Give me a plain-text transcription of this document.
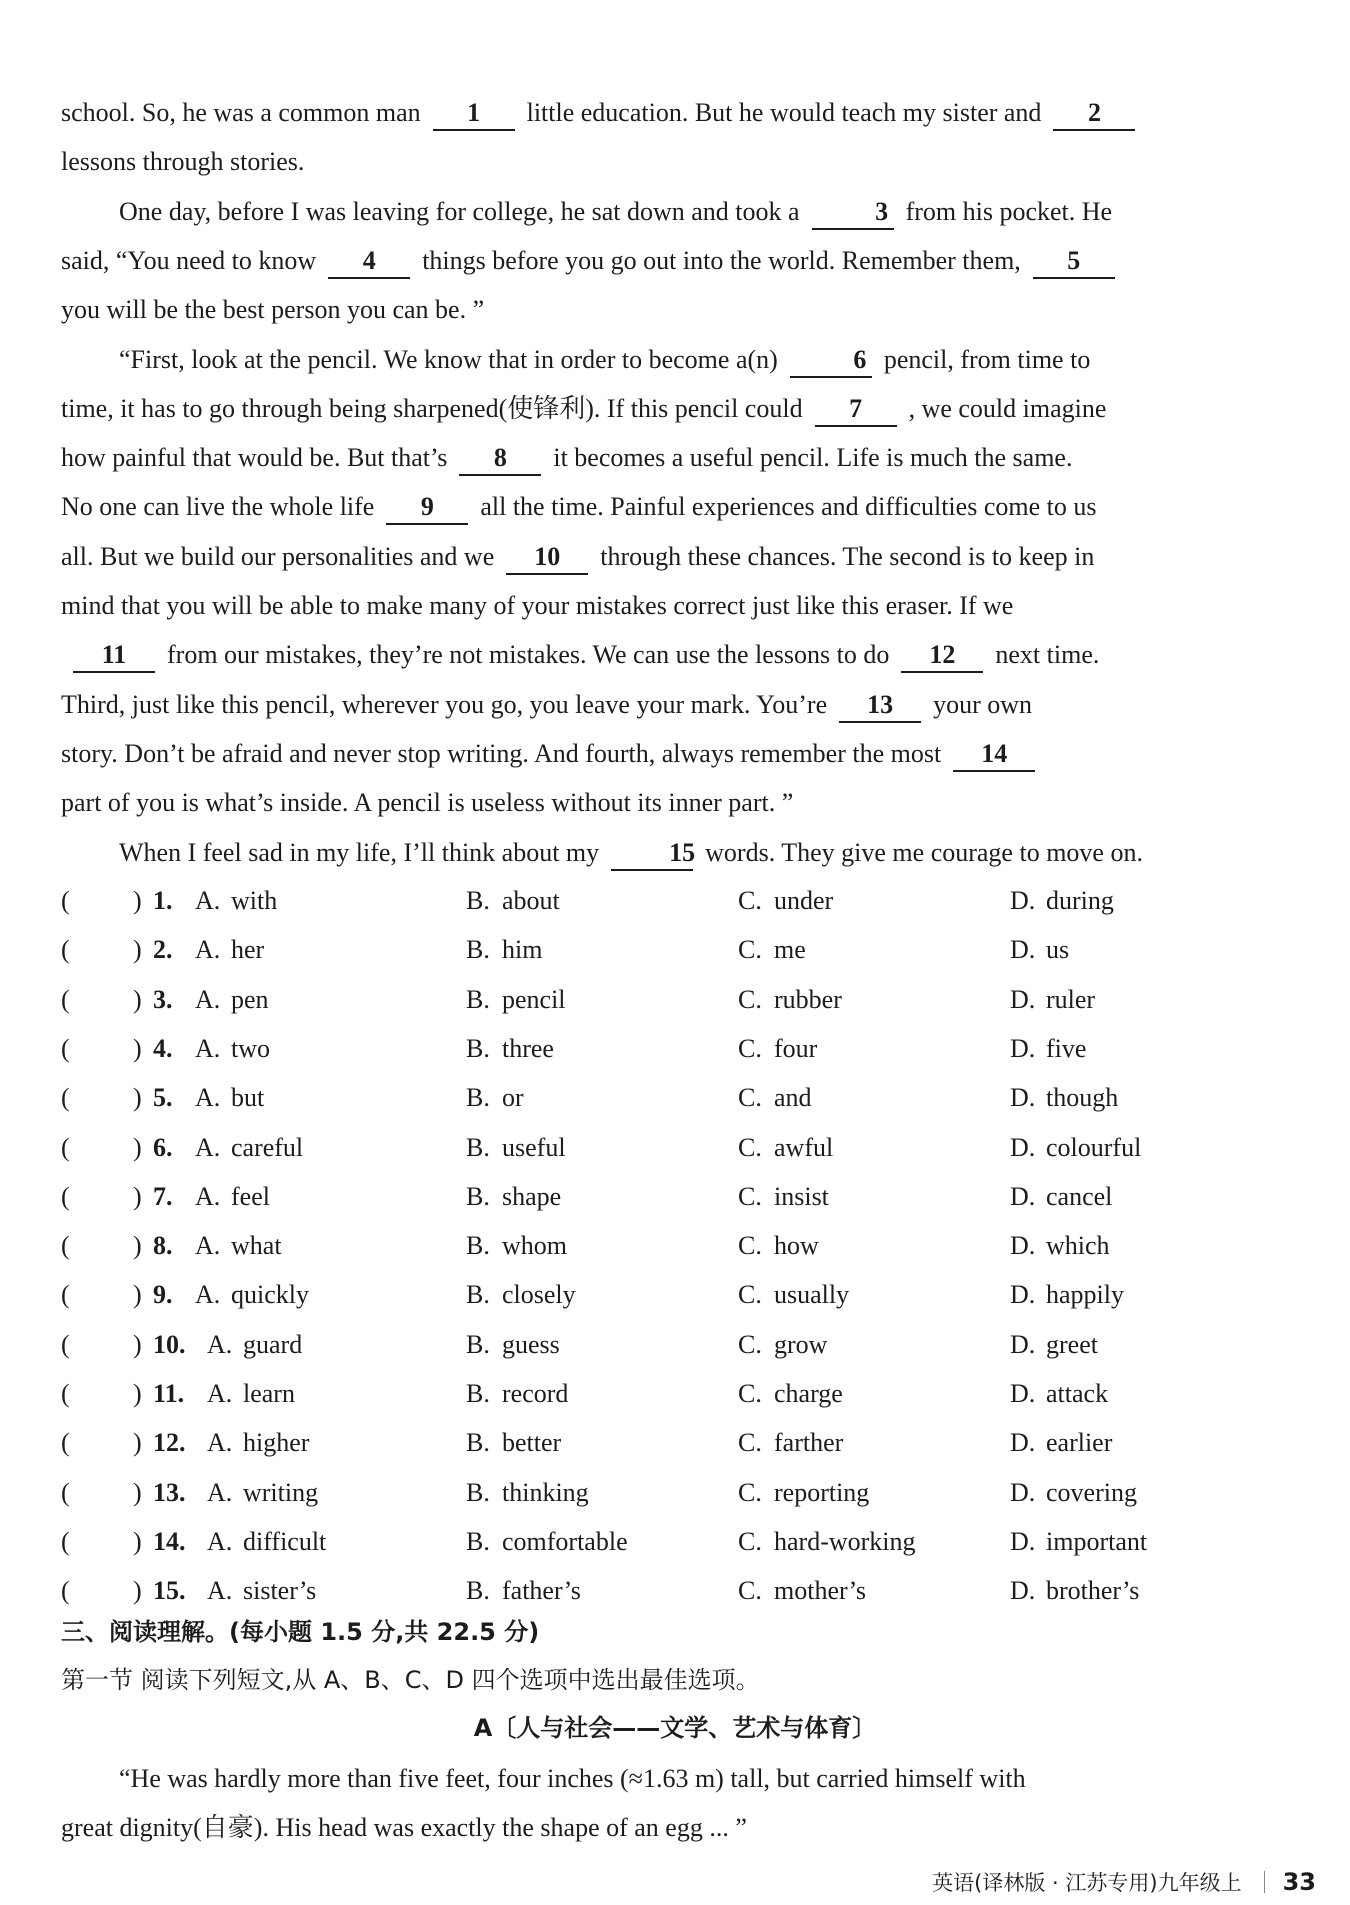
school. So, he was a common man 1 little education. But he would teach my sister and 2
lessons through stories.
One day, before I was leaving for college, he sat down and took a	3 from his pocket. He
said, “You need to know 4 things before you go out into the world. Remember them, 5
you will be the best person you can be. ”
“First, look at the pencil. We know that in order to become a(n)	6 pencil, from time to
time, it has to go through being sharpened(使锋利). If this pencil could 7 , we could imagine
how painful that would be. But that’s 8 it becomes a useful pencil. Life is much the same.
No one can live the whole life 9 all the time. Painful experiences and difficulties come to us
all. But we build our personalities and we 10 through these chances. The second is to keep in
mind that you will be able to make many of your mistakes correct just like this eraser. If we
11 from our mistakes, they’re not mistakes. We can use the lessons to do 12 next time.
Third, just like this pencil, wherever you go, you leave your mark. You’re 13 your own
story. Don’t be afraid and never stop writing. And fourth, always remember the most 14
part of you is what’s inside. A pencil is useless without its inner part. ”
When I feel sad in my life, I’ll think about my	15 words. They give me courage to move on.
( ) 1. A. with	B. about	C. under	D. during
( ) 2. A. her	B. him	C. me	D. us
( ) 3. A. pen	B. pencil	C. rubber	D. ruler
( ) 4. A. two	B. three	C. four	D. five
( ) 5. A. but	B. or	C. and	D. though
( ) 6. A. careful	B. useful	C. awful	D. colourful
( ) 7. A. feel	B. shape	C. insist	D. cancel
( ) 8. A. what	B. whom	C. how	D. which
( ) 9. A. quickly	B. closely	C. usually	D. happily
( ) 10. A. guard	B. guess	C. grow	D. greet
( ) 11. A. learn	B. record	C. charge	D. attack
( ) 12. A. higher	B. better	C. farther	D. earlier
( ) 13. A. writing	B. thinking	C. reporting	D. covering
( ) 14. A. difficult	B. comfortable	C. hard-working	D. important
( ) 15. A. sister’s	B. father’s	C. mother’s	D. brother’s
三、阅读理解。(每小题 1.5 分,共 22.5 分)
第一节 阅读下列短文,从 A、B、C、D 四个选项中选出最佳选项。
A〔人与社会——文学、艺术与体育〕
“He was hardly more than five feet, four inches (≈1.63 m) tall, but carried himself with
great dignity(自豪). His head was exactly the shape of an egg ... ”
英语(译林版 · 江苏专用)九年级上 33
